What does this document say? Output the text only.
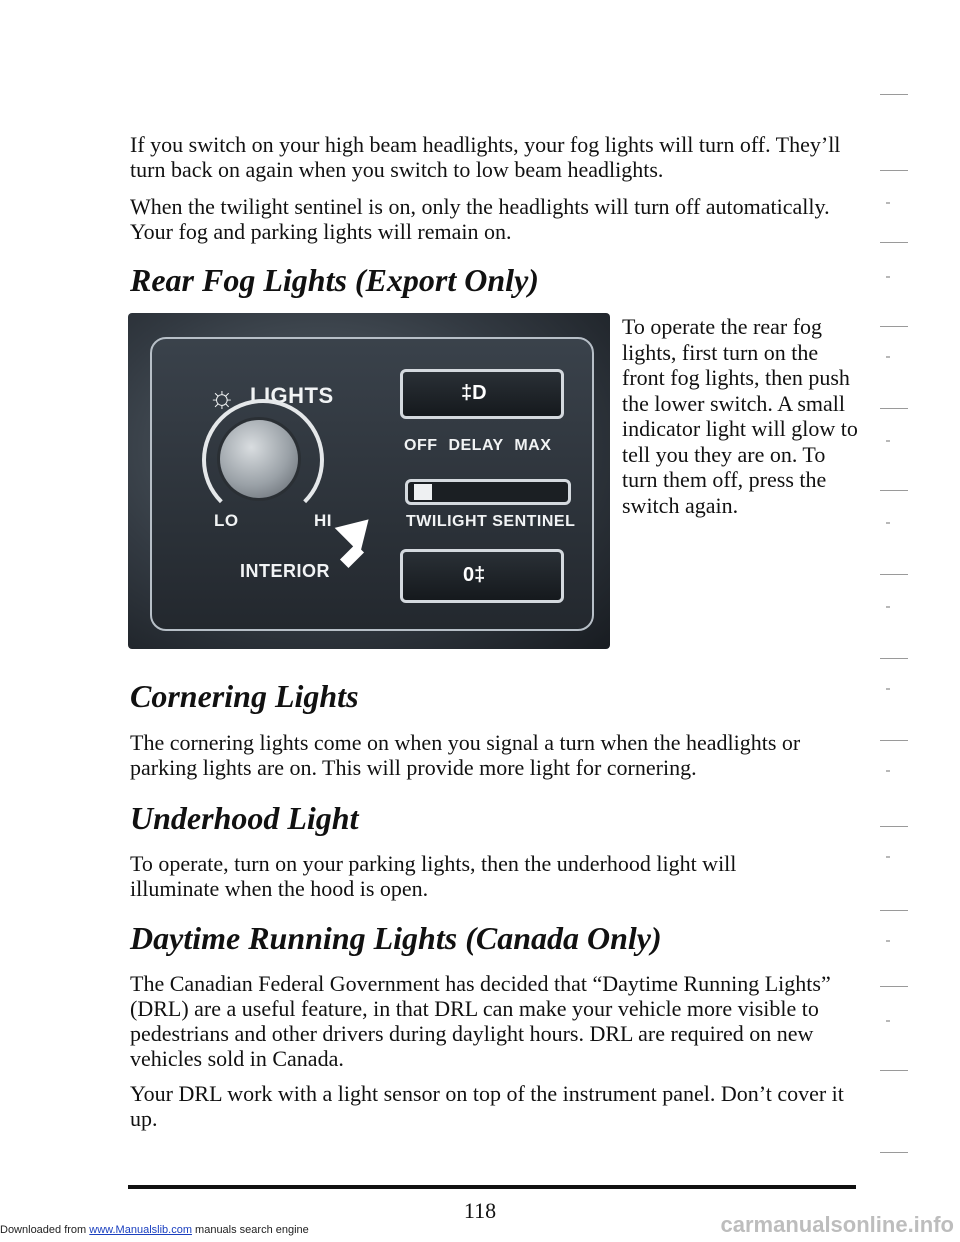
If you switch on your high beam headlights, your fog lights will turn off. They’ll turn back on again when you switch to low beam headlights.

When the twilight sentinel is on, only the headlights will turn off automatically. Your fog and parking lights will remain on.

Rear Fog Lights (Export Only)
☼ LIGHTS
LO	HI
INTERIOR
‡D
OFF DELAY MAX
TWILIGHT SENTINEL
0‡

To operate the rear fog lights, first turn on the front fog lights, then push the lower switch. A small indicator light will glow to tell you they are on. To turn them off, press the switch again.

Cornering Lights

The cornering lights come on when you signal a turn when the headlights or parking lights are on. This will provide more light for cornering.

Underhood Light

To operate, turn on your parking lights, then the underhood light will illuminate when the hood is open.

Daytime Running Lights (Canada Only)

The Canadian Federal Government has decided that “Daytime Running Lights” (DRL) are a useful feature, in that DRL can make your vehicle more visible to pedestrians and other drivers during daylight hours. DRL are required on new vehicles sold in Canada.

Your DRL work with a light sensor on top of the instrument panel. Don’t cover it up.

118
Downloaded from www.Manualslib.com manuals search engine	carmanualsonline.info
